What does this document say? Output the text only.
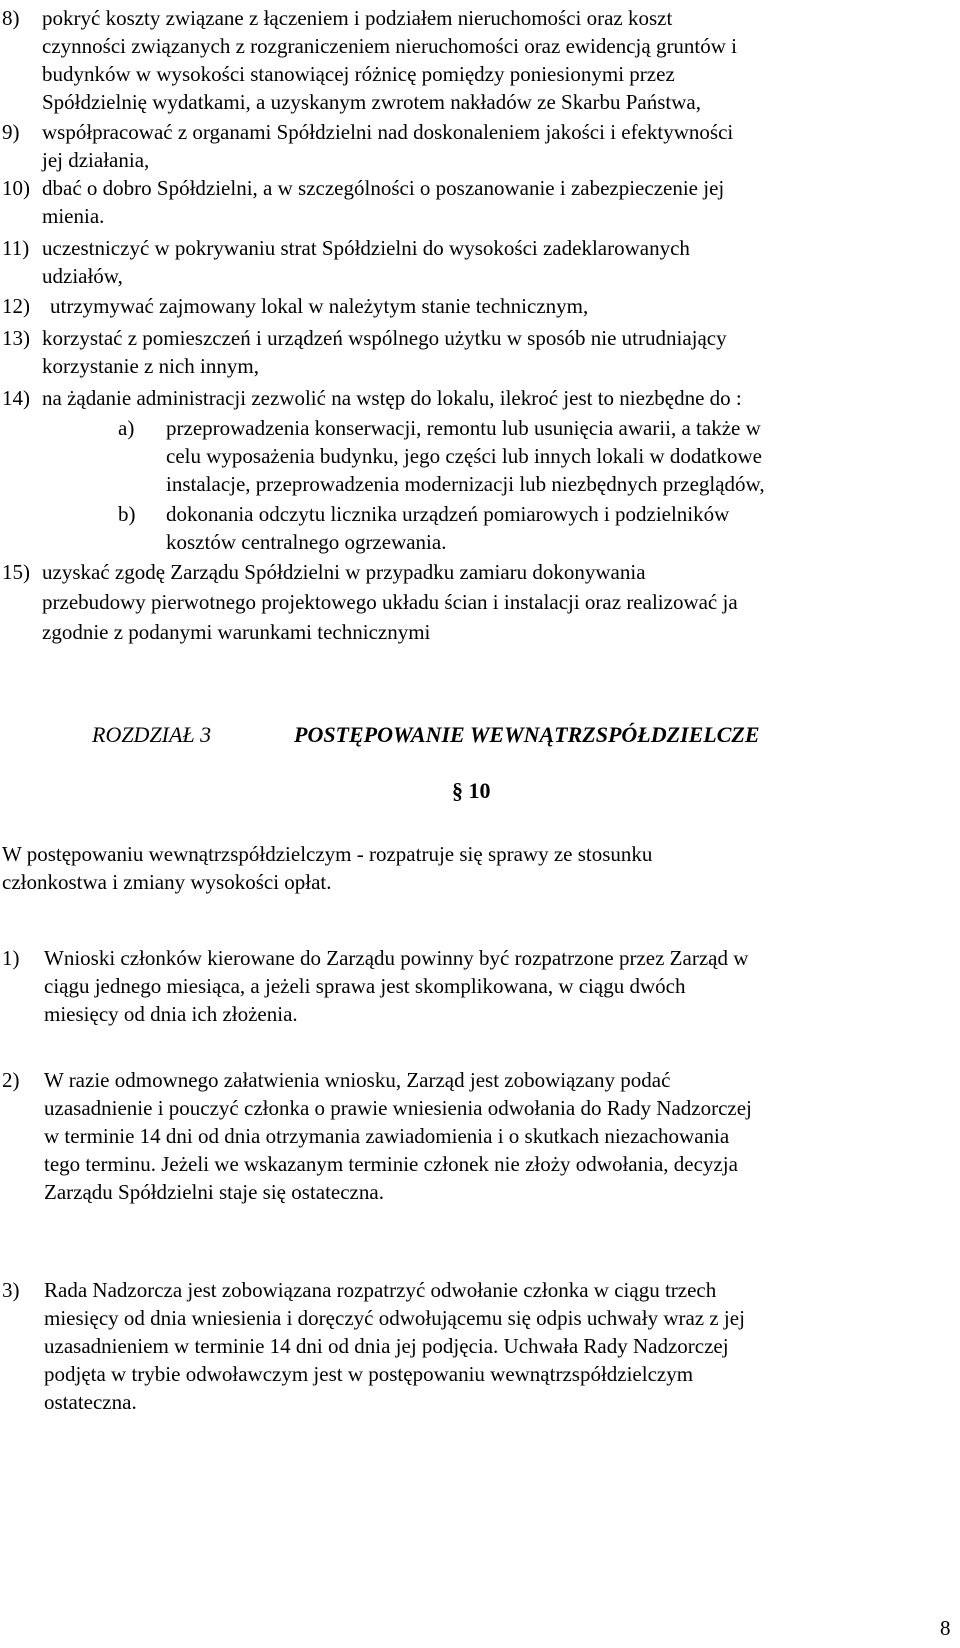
8) pokryć koszty związane z łączeniem i podziałem nieruchomości oraz koszt
czynności związanych z rozgraniczeniem nieruchomości oraz ewidencją gruntów i
budynków w wysokości stanowiącej różnicę pomiędzy poniesionymi przez
Spółdzielnię wydatkami, a uzyskanym zwrotem nakładów ze Skarbu Państwa,
9) współpracować z organami Spółdzielni nad doskonaleniem jakości i efektywności
jej działania,
10) dbać o dobro Spółdzielni, a w szczególności o poszanowanie i zabezpieczenie jej
mienia.
11) uczestniczyć w pokrywaniu strat Spółdzielni do wysokości zadeklarowanych
udziałów,
12) utrzymywać zajmowany lokal w należytym stanie technicznym,
13) korzystać z pomieszczeń i urządzeń wspólnego użytku w sposób nie utrudniający
korzystanie z nich innym,
14) na żądanie administracji zezwolić na wstęp do lokalu, ilekroć jest to niezbędne do :
a) przeprowadzenia konserwacji, remontu lub usunięcia awarii, a także w
celu wyposażenia budynku, jego części lub innych lokali w dodatkowe
instalacje, przeprowadzenia modernizacji lub niezbędnych przeglądów,
b) dokonania odczytu licznika urządzeń pomiarowych i podzielników
kosztów centralnego ogrzewania.
15) uzyskać zgodę Zarządu Spółdzielni w przypadku zamiaru dokonywania
przebudowy pierwotnego projektowego układu ścian i instalacji oraz realizować ja
zgodnie z podanymi warunkami technicznymi
ROZDZIAŁ 3	POSTĘPOWANIE WEWNĄTRZSPÓŁDZIELCZE
§ 10
W postępowaniu wewnątrzspółdzielczym - rozpatruje się sprawy ze stosunku
członkostwa i zmiany wysokości opłat.
1) Wnioski członków kierowane do Zarządu powinny być rozpatrzone przez Zarząd w
ciągu jednego miesiąca, a jeżeli sprawa jest skomplikowana, w ciągu dwóch
miesięcy od dnia ich złożenia.
2) W razie odmownego załatwienia wniosku, Zarząd jest zobowiązany podać
uzasadnienie i pouczyć członka o prawie wniesienia odwołania do Rady Nadzorczej
w terminie 14 dni od dnia otrzymania zawiadomienia i o skutkach niezachowania
tego terminu. Jeżeli we wskazanym terminie członek nie złoży odwołania, decyzja
Zarządu Spółdzielni staje się ostateczna.
3) Rada Nadzorcza jest zobowiązana rozpatrzyć odwołanie członka w ciągu trzech
miesięcy od dnia wniesienia i doręczyć odwołującemu się odpis uchwały wraz z jej
uzasadnieniem w terminie 14 dni od dnia jej podjęcia. Uchwała Rady Nadzorczej
podjęta w trybie odwoławczym jest w postępowaniu wewnątrzspółdzielczym
ostateczna.
8
